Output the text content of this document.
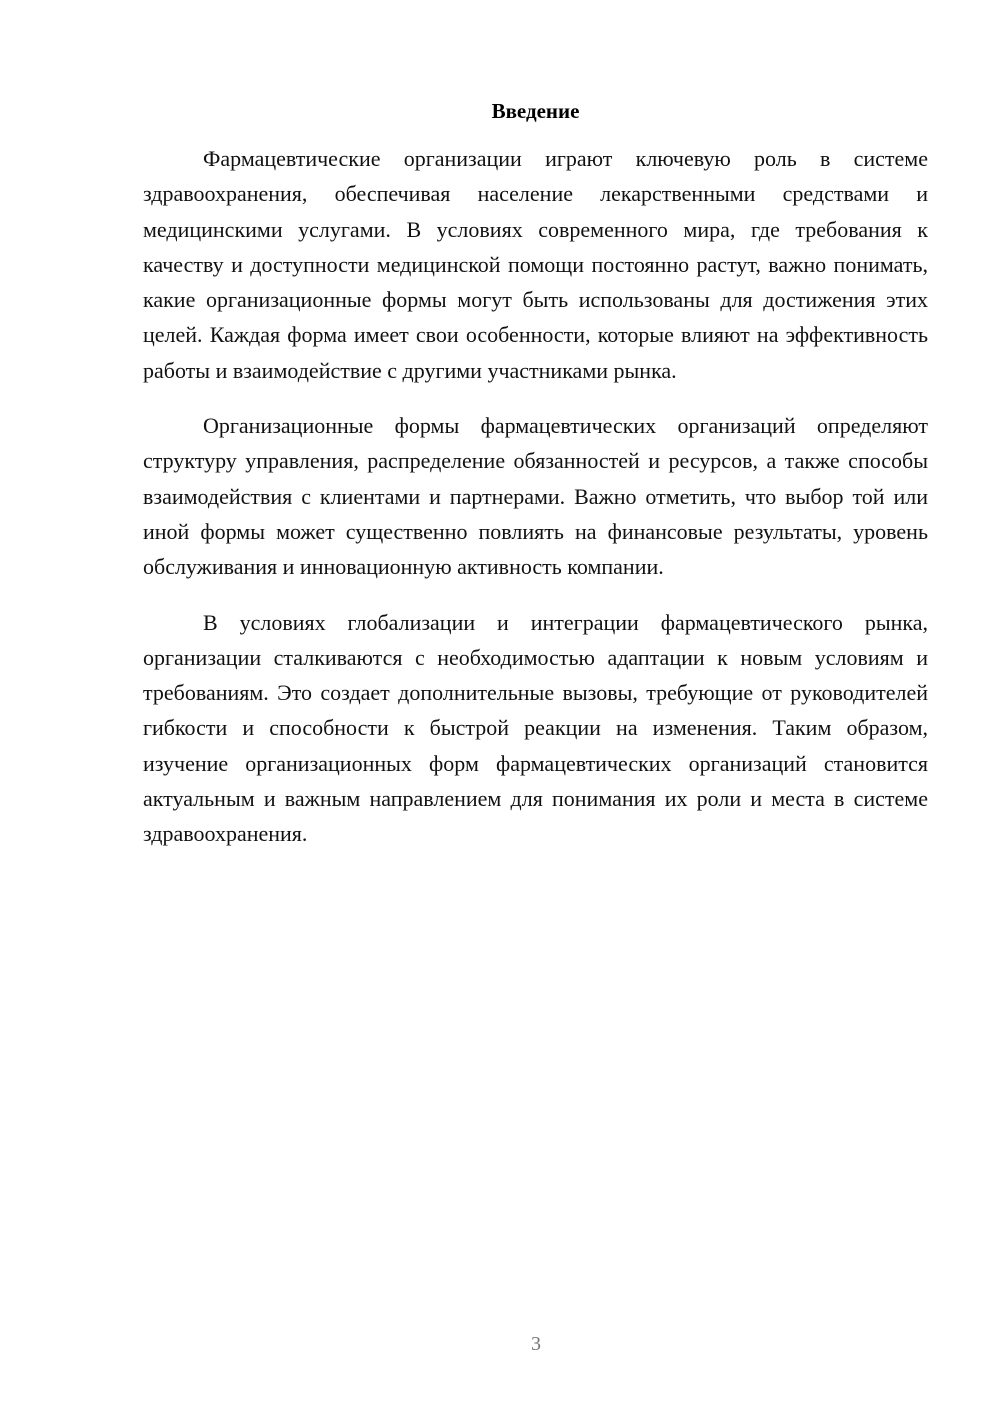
Введение

Фармацевтические организации играют ключевую роль в системе здравоохранения, обеспечивая население лекарственными средствами и медицинскими услугами. В условиях современного мира, где требования к качеству и доступности медицинской помощи постоянно растут, важно понимать, какие организационные формы могут быть использованы для достижения этих целей. Каждая форма имеет свои особенности, которые влияют на эффективность работы и взаимодействие с другими участниками рынка.

Организационные формы фармацевтических организаций определяют структуру управления, распределение обязанностей и ресурсов, а также способы взаимодействия с клиентами и партнерами. Важно отметить, что выбор той или иной формы может существенно повлиять на финансовые результаты, уровень обслуживания и инновационную активность компании.

В условиях глобализации и интеграции фармацевтического рынка, организации сталкиваются с необходимостью адаптации к новым условиям и требованиям. Это создает дополнительные вызовы, требующие от руководителей гибкости и способности к быстрой реакции на изменения. Таким образом, изучение организационных форм фармацевтических организаций становится актуальным и важным направлением для понимания их роли и места в системе здравоохранения.

3
